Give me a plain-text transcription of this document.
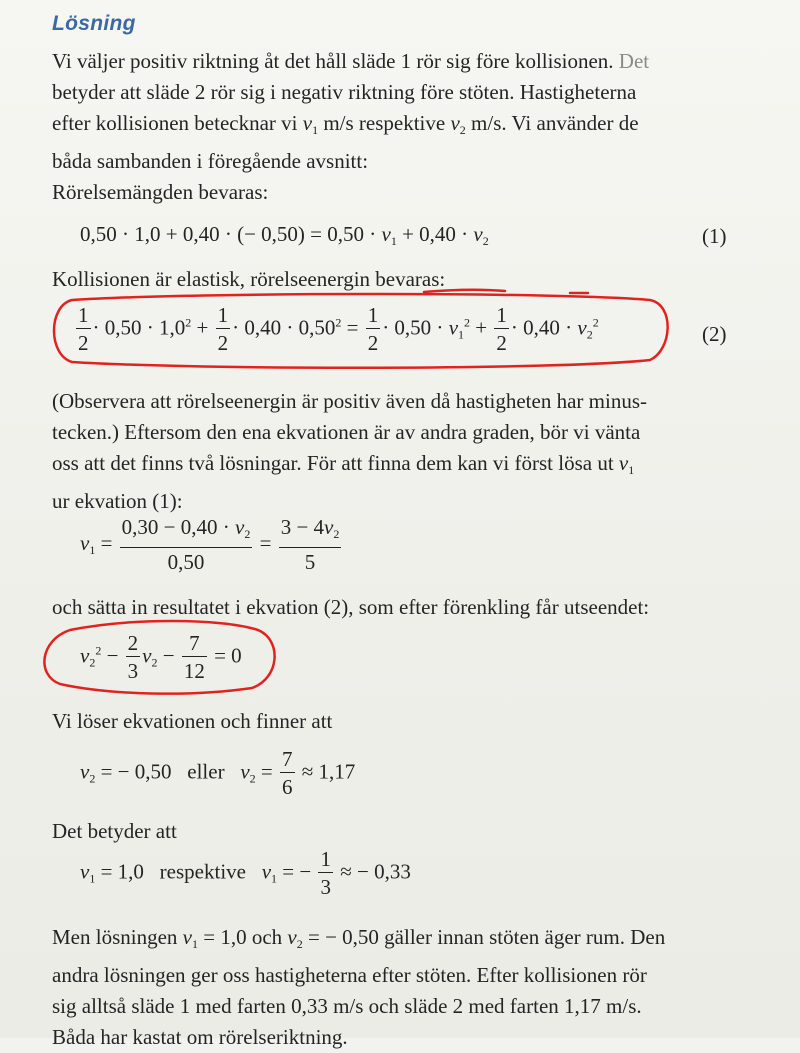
Lösning
Vi väljer positiv riktning åt det håll släde 1 rör sig före kollisionen. Det
betyder att släde 2 rör sig i negativ riktning före stöten. Hastigheterna
efter kollisionen betecknar vi $v_1$ m/s respektive $v_2$ m/s. Vi använder de
båda sambanden i föregående avsnitt:
Rörelsemängden bevaras:
0,50 · 1,0 + 0,40 · (− $0,50) = 0,50 \cdot v_1 + 0,40 \cdot v_2$	(1)
Kollisionen är elastisk, rörelseenergin bevaras:
$\frac{1}{2} \cdot 0,50 \cdot 1,0^2 + \frac{1}{2} \cdot 0,40 \cdot 0,50^2 = \frac{1}{2} \cdot 0,50 \cdot v_1^2 + \frac{1}{2} \cdot 0,40 \cdot v_2^2$	(2)
(Observera att rörelseenergin är positiv även då hastigheten har minus-
tecken.) Eftersom den ena ekvationen är av andra graden, bör vi vänta
oss att det finns två lösningar. För att finna dem kan vi först lösa ut $v_1$
ur ekvation (1):
$v_1 = \frac{0,30 - 0,40 \cdot v_2}{0,50} = \frac{3 - 4v_2}{5}$
och sätta in resultatet i ekvation (2), som efter förenkling får utseendet:
$v_2^2 - \frac{2}{3} v_2 - \frac{7}{12} = 0$
Vi löser ekvationen och finner att
$v_2$ = − 0,50 eller $v_2 = \frac{7}{6} \approx 1,17$
Det betyder att
$v_1 = 1,0$ respektive $v_1$ = − $\frac{1}{3}$ ≈ − 0,33
Men lösningen $v_1 = 1,0$ och $v_2$ = − 0,50 gäller innan stöten äger rum. Den
andra lösningen ger oss hastigheterna efter stöten. Efter kollisionen rör
sig alltså släde 1 med farten 0,33 m/s och släde 2 med farten 1,17 m/s.
Båda har kastat om rörelseriktning.
